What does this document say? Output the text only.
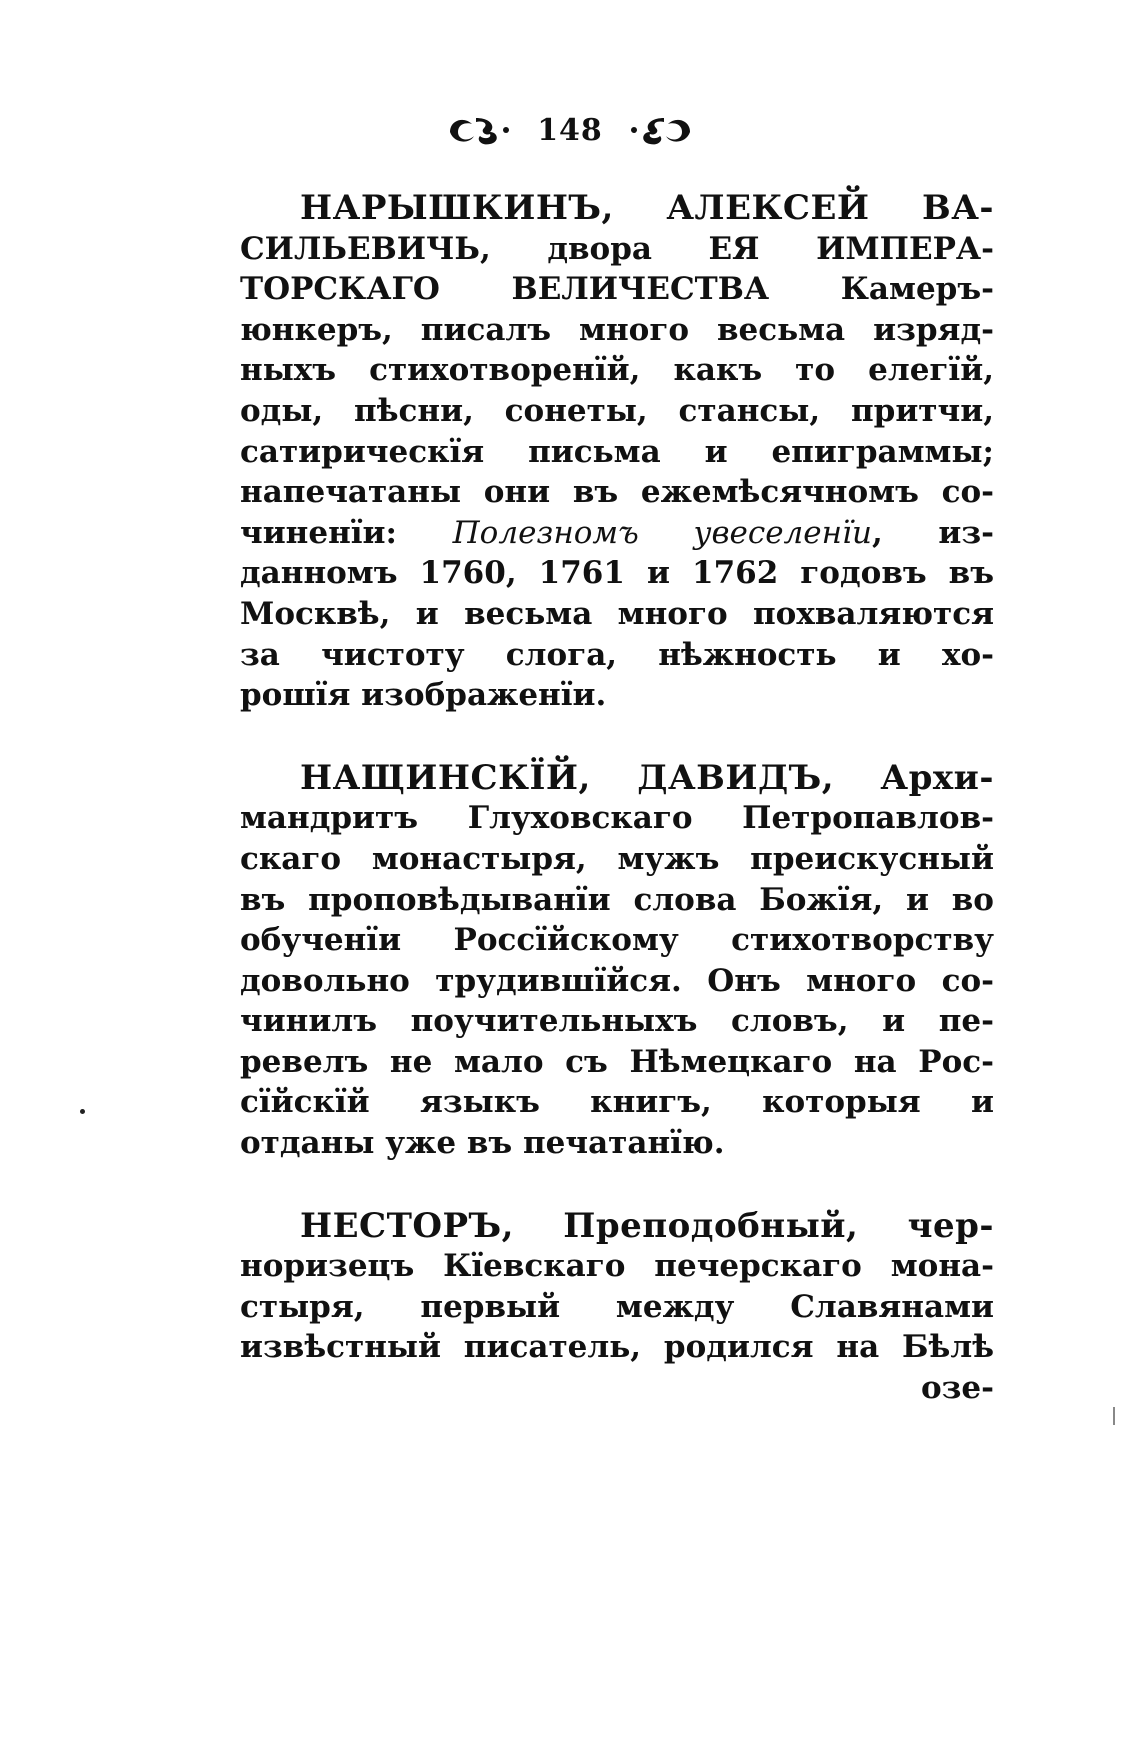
148
НАРЫШКИНЪ, АЛЕКСЕЙ ВА-
СИЛЬЕВИЧЬ, двора ЕЯ ИМПЕРА-
ТОРСКАГО ВЕЛИЧЕСТВА Камеръ-
юнкеръ, писалъ много весьма изряд-
ныхъ стихотворенїй, какъ то елегїй,
оды, пѣсни, сонеты, стансы, притчи,
сатирическїя письма и епиграммы;
напечатаны они въ ежемѣсячномъ со-
чиненїи: Полезномъ увеселенїи, из-
данномъ 1760, 1761 и 1762 годовъ въ
Москвѣ, и весьма много похваляются
за чистоту слога, нѣжность и хо-
рошїя изображенїи.
НАЩИНСКЇЙ, ДАВИДЪ, Архи-
мандритъ Глуховскаго Петропавлов-
скаго монастыря, мужъ преискусный
въ проповѣдыванїи слова Божїя, и во
обученїи Россїйскому стихотворству
довольно трудившїйся. Онъ много со-
чинилъ поучительныхъ словъ, и пе-
ревелъ не мало съ Нѣмецкаго на Рос-
сїйскїй языкъ книгъ, которыя и
отданы уже въ печатанїю.
НЕСТОРЪ, Преподобный, чер-
норизецъ Кїевскаго печерскаго мона-
стыря, первый между Славянами
извѣстный писатель, родился на Бѣлѣ
озе-
